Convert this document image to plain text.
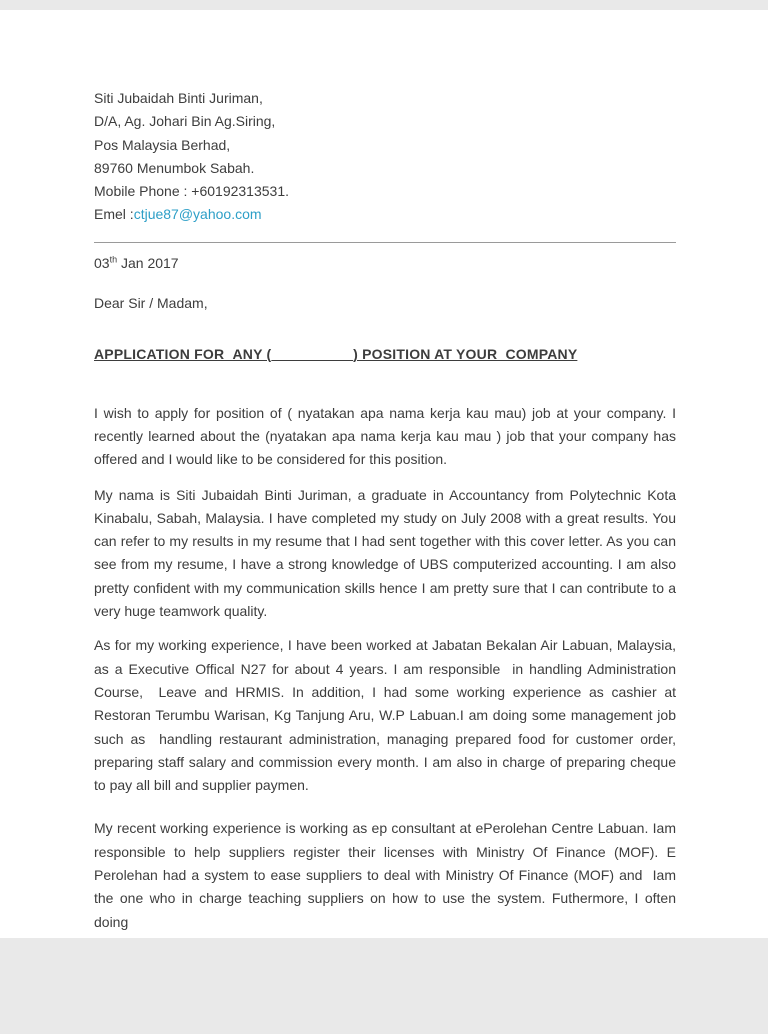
Siti Jubaidah Binti Juriman,
D/A, Ag. Johari Bin Ag.Siring,
Pos Malaysia Berhad,
89760 Menumbok Sabah.
Mobile Phone : +60192313531.
Emel :ctjue87@yahoo.com

03th Jan 2017

Dear Sir / Madam,

APPLICATION FOR  ANY (	) POSITION AT YOUR  COMPANY

I wish to apply for position of ( nyatakan apa nama kerja kau mau) job at your company. I recently learned about the (nyatakan apa nama kerja kau mau ) job that your company has offered and I would like to be considered for this position.

My nama is Siti Jubaidah Binti Juriman, a graduate in Accountancy from Polytechnic Kota Kinabalu, Sabah, Malaysia. I have completed my study on July 2008 with a great results. You can refer to my results in my resume that I had sent together with this cover letter. As you can see from my resume, I have a strong knowledge of UBS computerized accounting. I am also pretty confident with my communication skills hence I am pretty sure that I can contribute to a very huge teamwork quality.

As for my working experience, I have been worked at Jabatan Bekalan Air Labuan, Malaysia, as a Executive Offical N27 for about 4 years. I am responsible  in handling Administration Course,  Leave and HRMIS. In addition, I had some working experience as cashier at Restoran Terumbu Warisan, Kg Tanjung Aru, W.P Labuan.I am doing some management job such as  handling restaurant administration, managing prepared food for customer order, preparing staff salary and commission every month. I am also in charge of preparing cheque to pay all bill and supplier paymen.

My recent working experience is working as ep consultant at ePerolehan Centre Labuan. Iam responsible to help suppliers register their licenses with Ministry Of Finance (MOF). E Perolehan had a system to ease suppliers to deal with Ministry Of Finance (MOF) and  Iam the one who in charge teaching suppliers on how to use the system. Futhermore, I often doing
